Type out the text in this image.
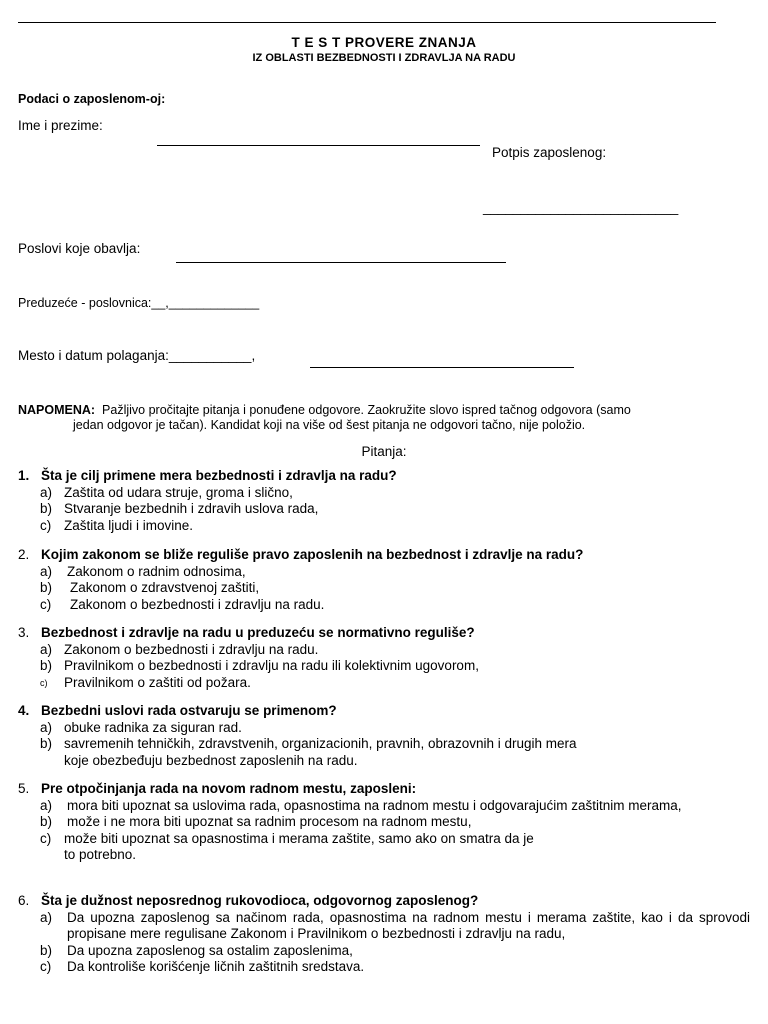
T E S T PROVERE ZNANJA
IZ OBLASTI BEZBEDNOSTI I ZDRAVLJA NA RADU
Podaci o zaposlenom-oj:
Ime i prezime:
Potpis zaposlenog:
__________________________
Poslovi koje obavlja:
Preduzeće - poslovnica:__,_____________
Mesto i datum polaganja:___________,
NAPOMENA: Pažljivo pročitajte pitanja i ponuđene odgovore. Zaokružite slovo ispred tačnog odgovora (samo
jedan odgovor je tačan). Kandidat koji na više od šest pitanja ne odgovori tačno, nije položio.
Pitanja:
1. Šta je cilj primene mera bezbednosti i zdravlja na radu?
a) Zaštita od udara struje, groma i slično,
b) Stvaranje bezbednih i zdravih uslova rada,
c) Zaštita ljudi i imovine.
2. Kojim zakonom se bliže reguliše pravo zaposlenih na bezbednost i zdravlje na radu?
a)	Zakonom o radnim odnosima,
b)	Zakonom o zdravstvenoj zaštiti,
c)	Zakonom o bezbednosti i zdravlju na radu.
3. Bezbednost i zdravlje na radu u preduzeću se normativno reguliše?
a) Zakonom o bezbednosti i zdravlju na radu.
b) Pravilnikom o bezbednosti i zdravlju na radu ili kolektivnim ugovorom,
c)	Pravilnikom o zaštiti od požara.
4. Bezbedni uslovi rada ostvaruju se primenom?
a) obuke radnika za siguran rad.
b) savremenih tehničkih, zdravstvenih, organizacionih, pravnih, obrazovnih i drugih mera
koje obezbeđuju bezbednost zaposlenih na radu.
5. Pre otpočinjanja rada na novom radnom mestu, zaposleni:
a)	mora biti upoznat sa uslovima rada, opasnostima na radnom mestu i odgovarajućim zaštitnim merama,
b)	može i ne mora biti upoznat sa radnim procesom na radnom mestu,
c) može biti upoznat sa opasnostima i merama zaštite, samo ako on smatra da je
to potrebno.
6. Šta je dužnost neposrednog rukovodioca, odgovornog zaposlenog?
a)	Da upozna zaposlenog sa načinom rada, opasnostima na radnom mestu i merama zaštite, kao i da sprovodi propisane mere regulisane Zakonom i Pravilnikom o bezbednosti i zdravlju na radu,
b)	Da upozna zaposlenog sa ostalim zaposlenima,
c)	Da kontroliše korišćenje ličnih zaštitnih sredstava.
